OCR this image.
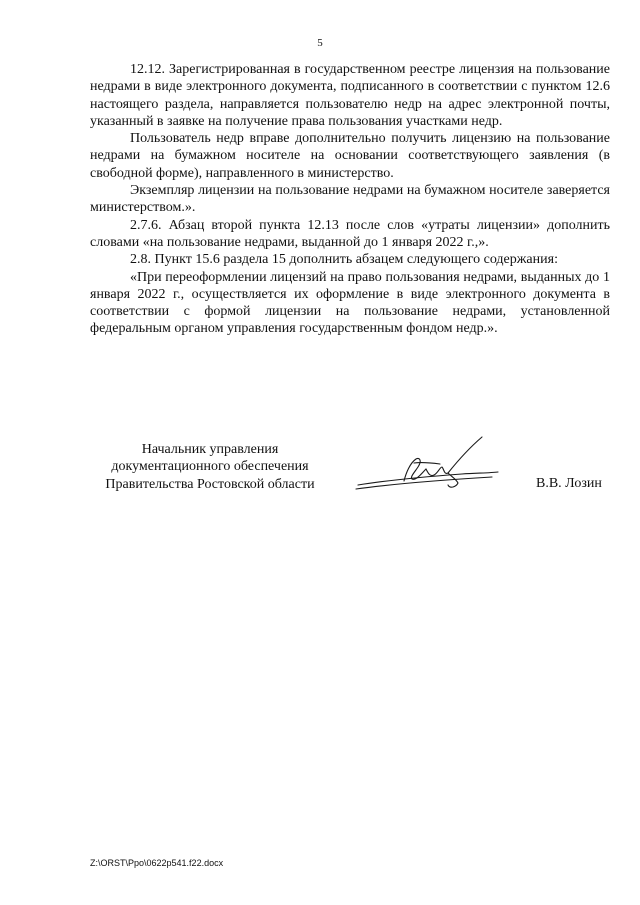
5

12.12. Зарегистрированная в государственном реестре лицензия на пользование недрами в виде электронного документа, подписанного в соответствии с пунктом 12.6 настоящего раздела, направляется пользователю недр на адрес электронной почты, указанный в заявке на получение права пользования участками недр.

Пользователь недр вправе дополнительно получить лицензию на пользование недрами на бумажном носителе на основании соответствующего заявления (в свободной форме), направленного в министерство.

Экземпляр лицензии на пользование недрами на бумажном носителе заверяется министерством.».

2.7.6. Абзац второй пункта 12.13 после слов «утраты лицензии» дополнить словами «на пользование недрами, выданной до 1 января 2022 г.,».

2.8. Пункт 15.6 раздела 15 дополнить абзацем следующего содержания:

«При переоформлении лицензий на право пользования недрами, выданных до 1 января 2022 г., осуществляется их оформление в виде электронного документа в соответствии с формой лицензии на пользование недрами, установленной федеральным органом управления государственным фондом недр.».

Начальник управления
документационного обеспечения
Правительства Ростовской области	В.В. Лозин
Z:\ORST\Ppo\0622p541.f22.docx
